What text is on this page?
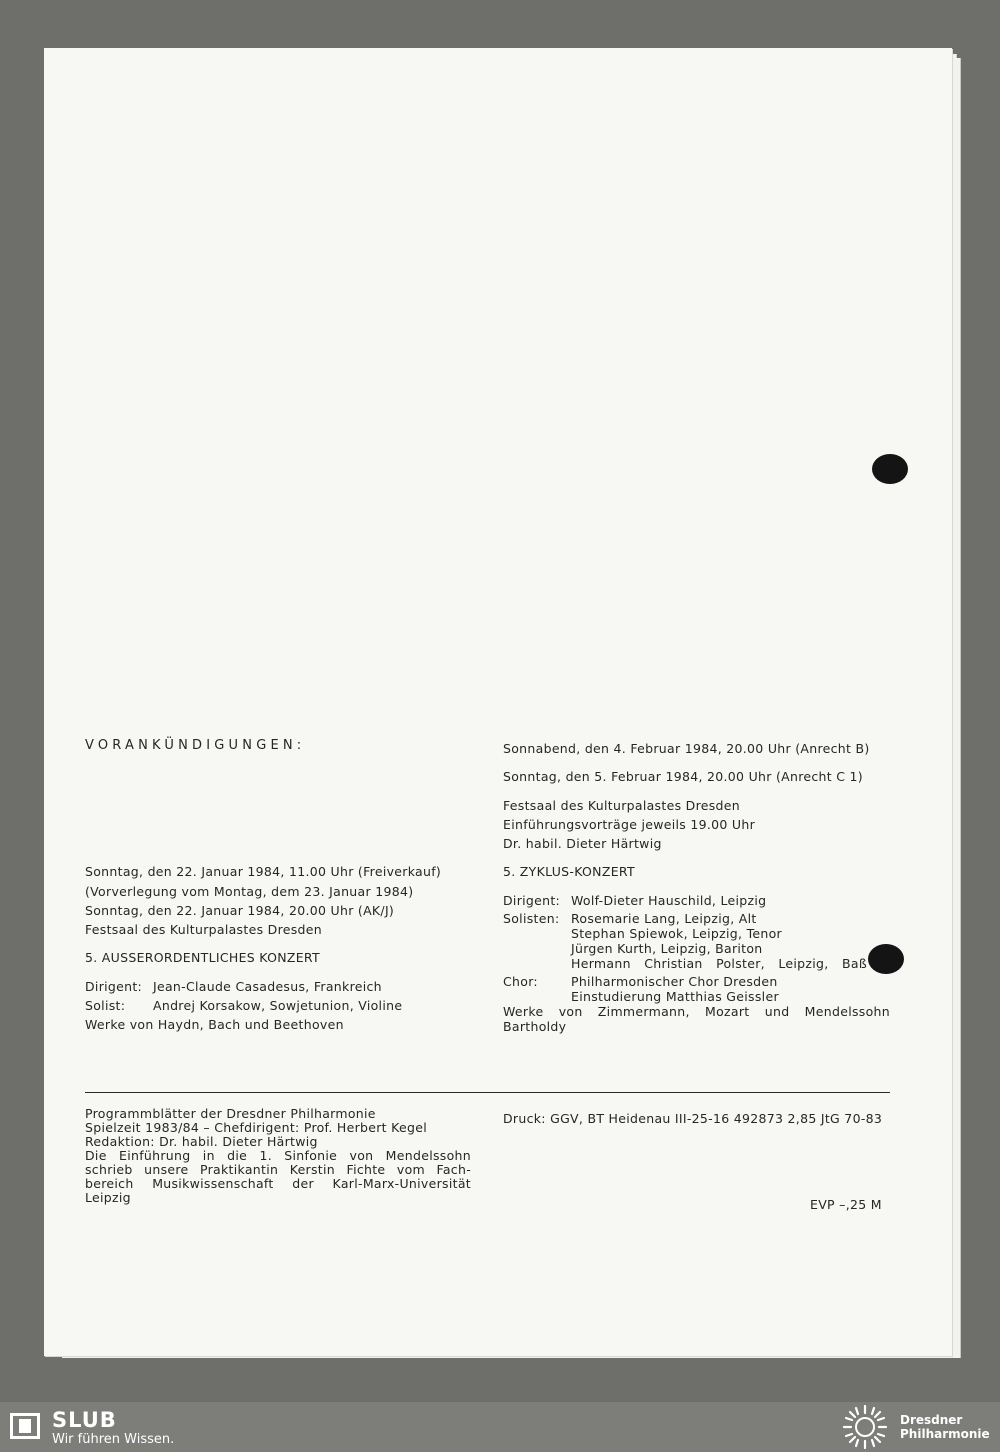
VORANKÜNDIGUNGEN:
Sonntag, den 22. Januar 1984, 11.00 Uhr (Freiverkauf)
(Vorverlegung vom Montag, dem 23. Januar 1984)
Sonntag, den 22. Januar 1984, 20.00 Uhr (AK/J)
Festsaal des Kulturpalastes Dresden
5. AUSSERORDENTLICHES KONZERT
Dirigent: Jean-Claude Casadesus, Frankreich
Solist: Andrej Korsakow, Sowjetunion, Violine
Werke von Haydn, Bach und Beethoven
Sonnabend, den 4. Februar 1984, 20.00 Uhr (Anrecht B)
Sonntag, den 5. Februar 1984, 20.00 Uhr (Anrecht C 1)
Festsaal des Kulturpalastes Dresden
Einführungsvorträge jeweils 19.00 Uhr
Dr. habil. Dieter Härtwig
5. ZYKLUS-KONZERT
Dirigent: Wolf-Dieter Hauschild, Leipzig
Solisten: Rosemarie Lang, Leipzig, Alt
Stephan Spiewok, Leipzig, Tenor
Jürgen Kurth, Leipzig, Bariton
Hermann Christian Polster, Leipzig, Baß
Chor:	Philharmonischer Chor Dresden
Einstudierung Matthias Geissler
Werke von Zimmermann, Mozart und Mendelssohn Bartholdy
Programmblätter der Dresdner Philharmonie
Spielzeit 1983/84 – Chefdirigent: Prof. Herbert Kegel
Redaktion: Dr. habil. Dieter Härtwig
Die Einführung in die 1. Sinfonie von Mendelssohn
schrieb unsere Praktikantin Kerstin Fichte vom Fach-
bereich Musikwissenschaft der Karl-Marx-Universität
Leipzig
Druck: GGV, BT Heidenau III-25-16 492873 2,85 JtG 70-83
EVP –,25 M
SLUB
Wir führen Wissen.
Dresdner
Philharmonie
